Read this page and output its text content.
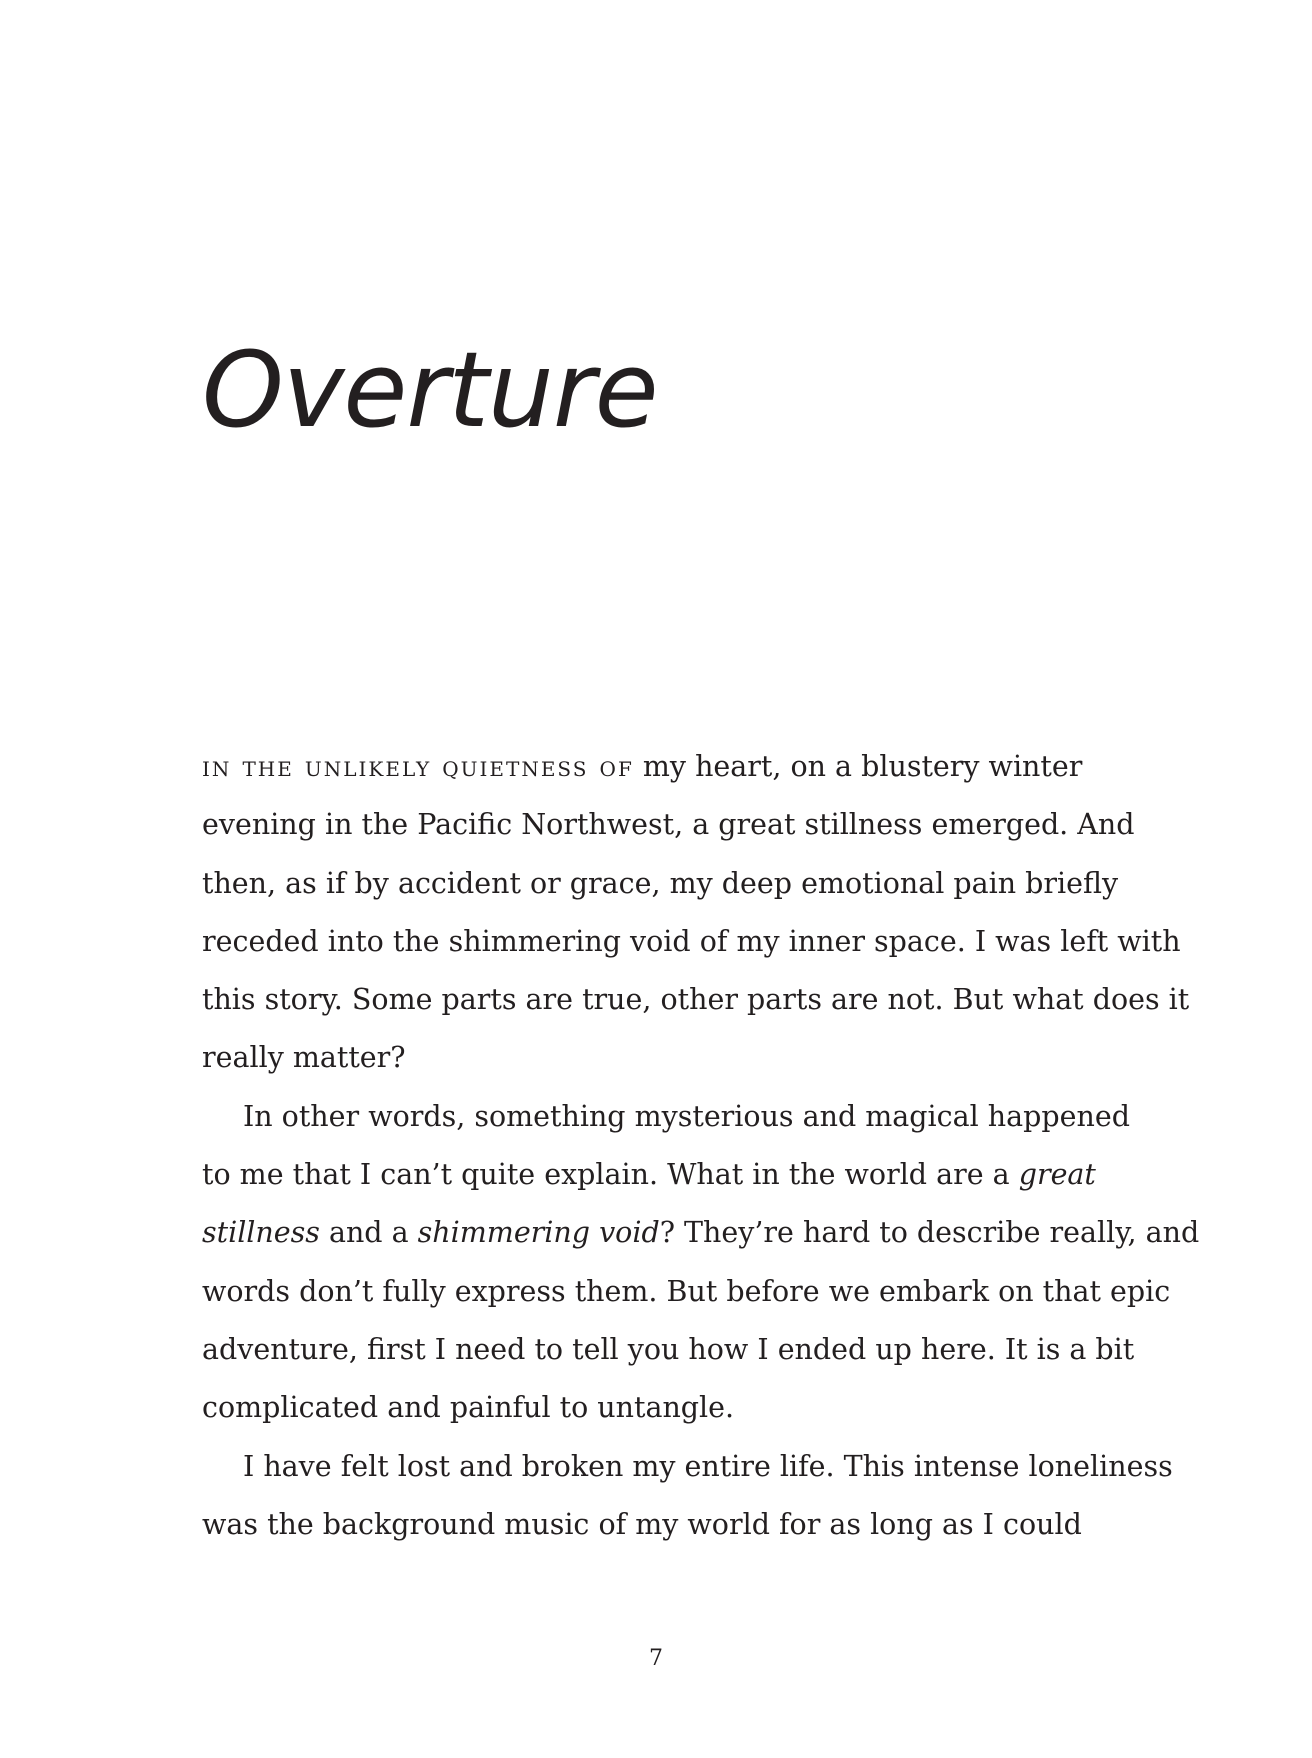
Overture
in the unlikely quietness of my heart, on a blustery winter
evening in the Pacific Northwest, a great stillness emerged. And
then, as if by accident or grace, my deep emotional pain briefly
receded into the shimmering void of my inner space. I was left with
this story. Some parts are true, other parts are not. But what does it
really matter?
In other words, something mysterious and magical happened
to me that I can’t quite explain. What in the world are a great
stillness and a shimmering void? They’re hard to describe really, and
words don’t fully express them. But before we embark on that epic
adventure, first I need to tell you how I ended up here. It is a bit
complicated and painful to untangle.
I have felt lost and broken my entire life. This intense loneliness
was the background music of my world for as long as I could
7
